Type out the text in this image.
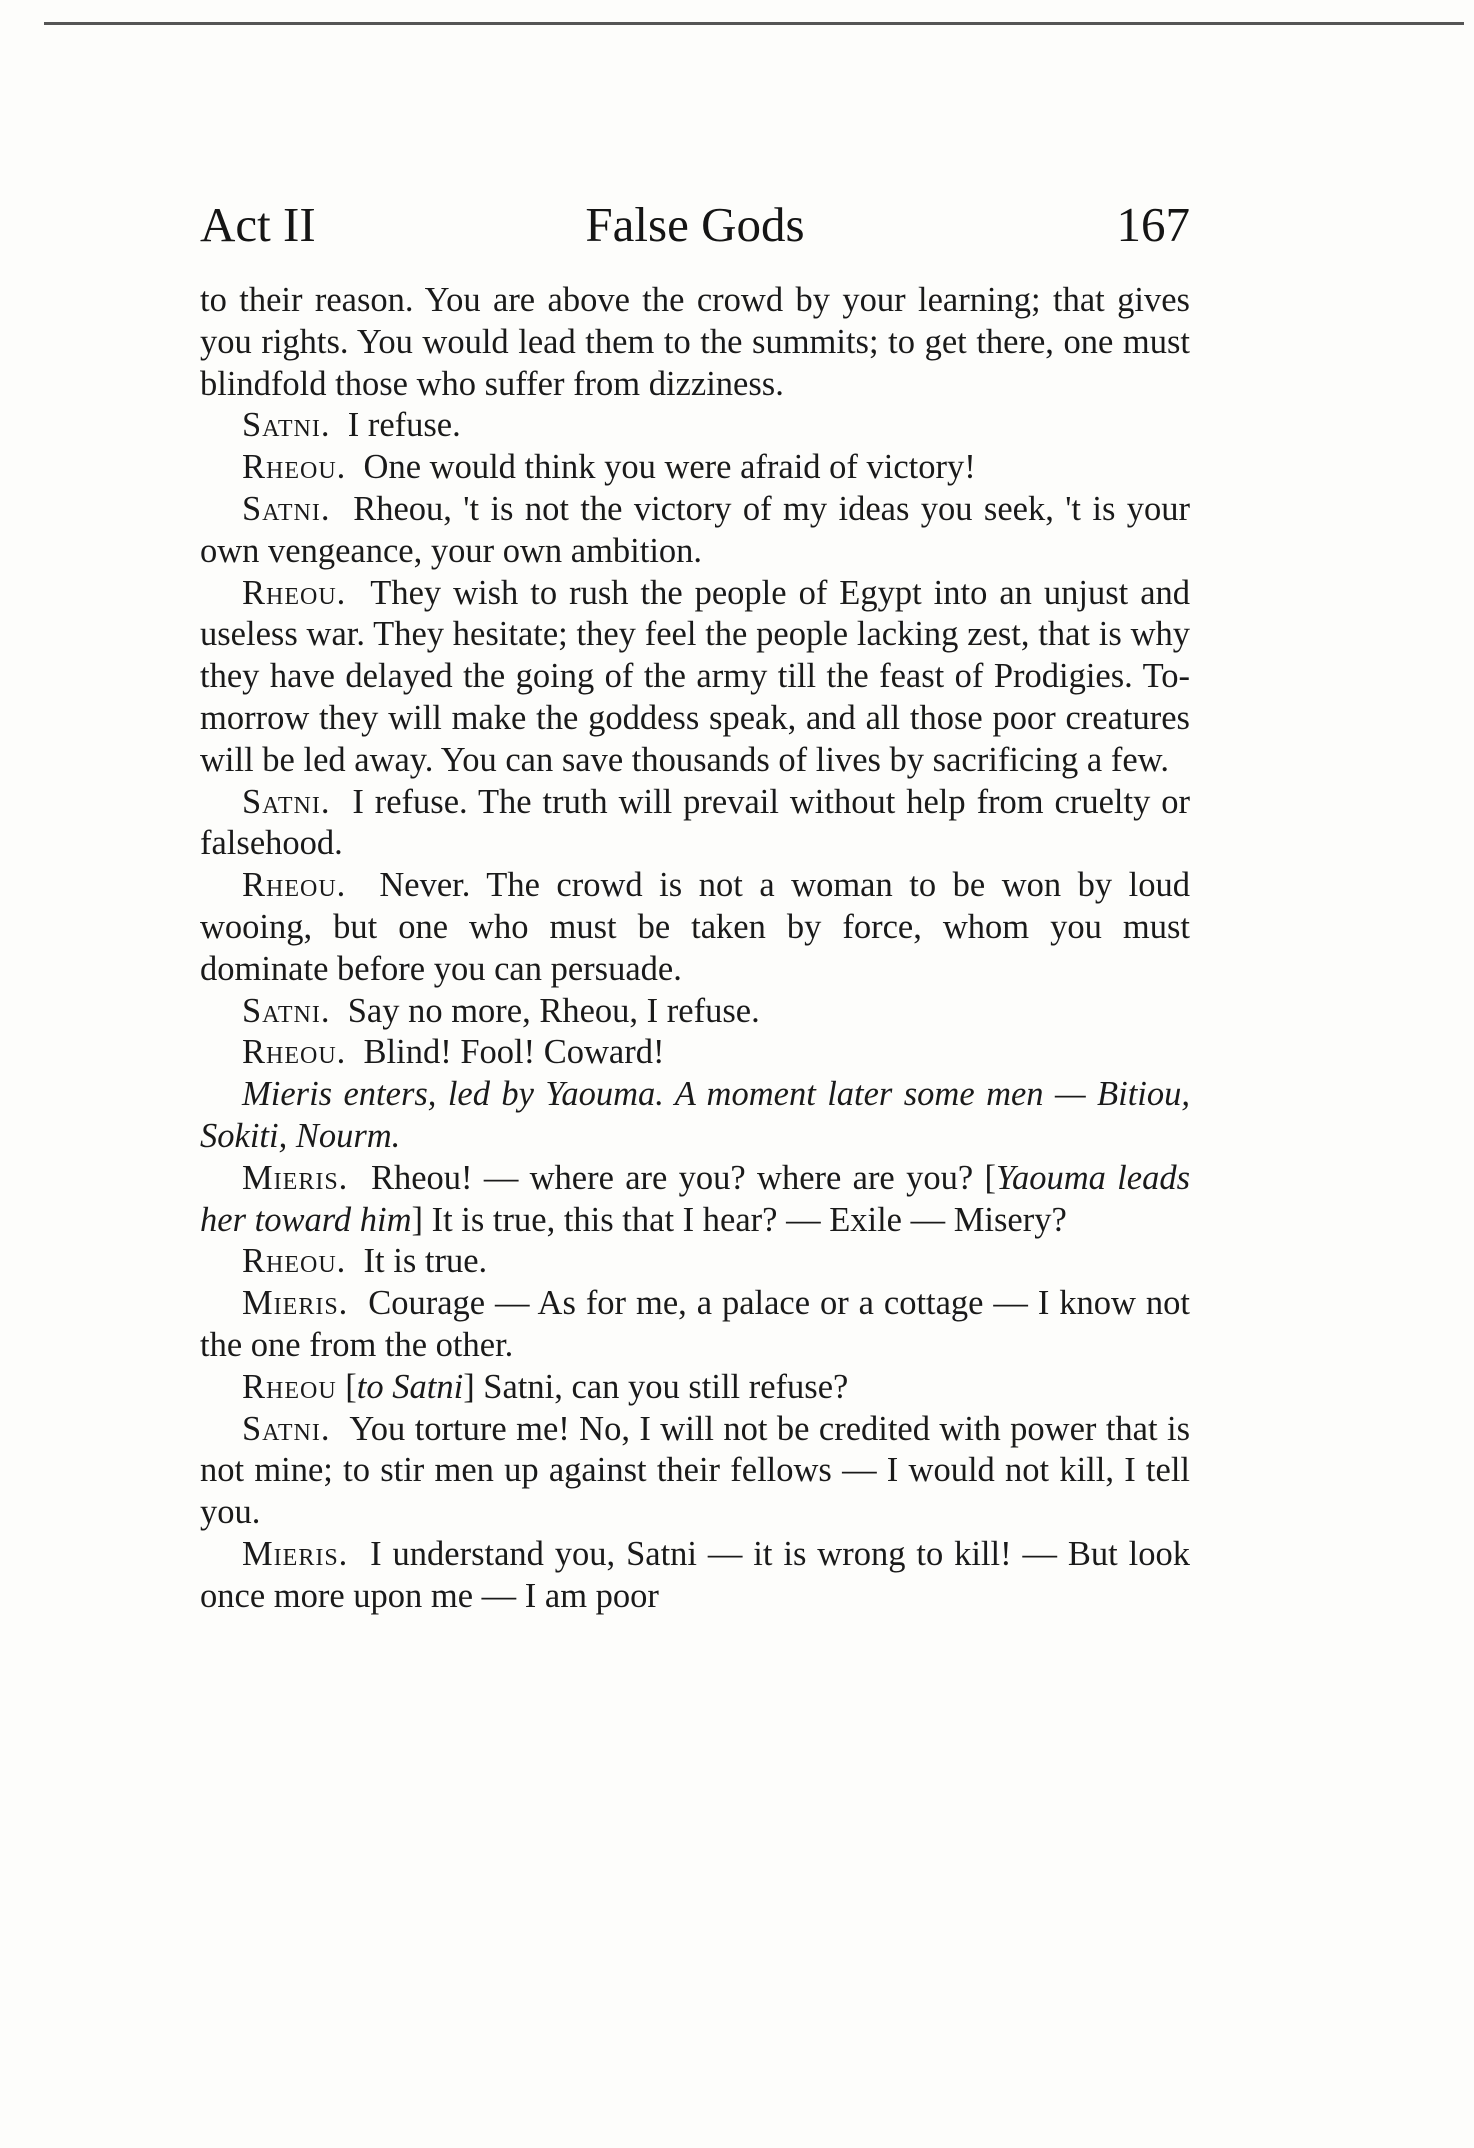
Act II	False Gods	167

to their reason. You are above the crowd by your learning; that gives you rights. You would lead them to the summits; to get there, one must blindfold those who suffer from dizziness.

Satni. I refuse.

Rheou. One would think you were afraid of victory!

Satni. Rheou, 't is not the victory of my ideas you seek, 't is your own vengeance, your own ambition.

Rheou. They wish to rush the people of Egypt into an unjust and useless war. They hesitate; they feel the people lacking zest, that is why they have delayed the going of the army till the feast of Prodigies. To-morrow they will make the goddess speak, and all those poor creatures will be led away. You can save thousands of lives by sacrificing a few.

Satni. I refuse. The truth will prevail without help from cruelty or falsehood.

Rheou. Never. The crowd is not a woman to be won by loud wooing, but one who must be taken by force, whom you must dominate before you can persuade.

Satni. Say no more, Rheou, I refuse.

Rheou. Blind! Fool! Coward!

Mieris enters, led by Yaouma. A moment later some men — Bitiou, Sokiti, Nourm.

Mieris. Rheou! — where are you? where are you? [Yaouma leads her toward him] It is true, this that I hear? — Exile — Misery?

Rheou. It is true.

Mieris. Courage — As for me, a palace or a cottage — I know not the one from the other.

Rheou [to Satni] Satni, can you still refuse?

Satni. You torture me! No, I will not be credited with power that is not mine; to stir men up against their fellows — I would not kill, I tell you.

Mieris. I understand you, Satni — it is wrong to kill! — But look once more upon me — I am poor
